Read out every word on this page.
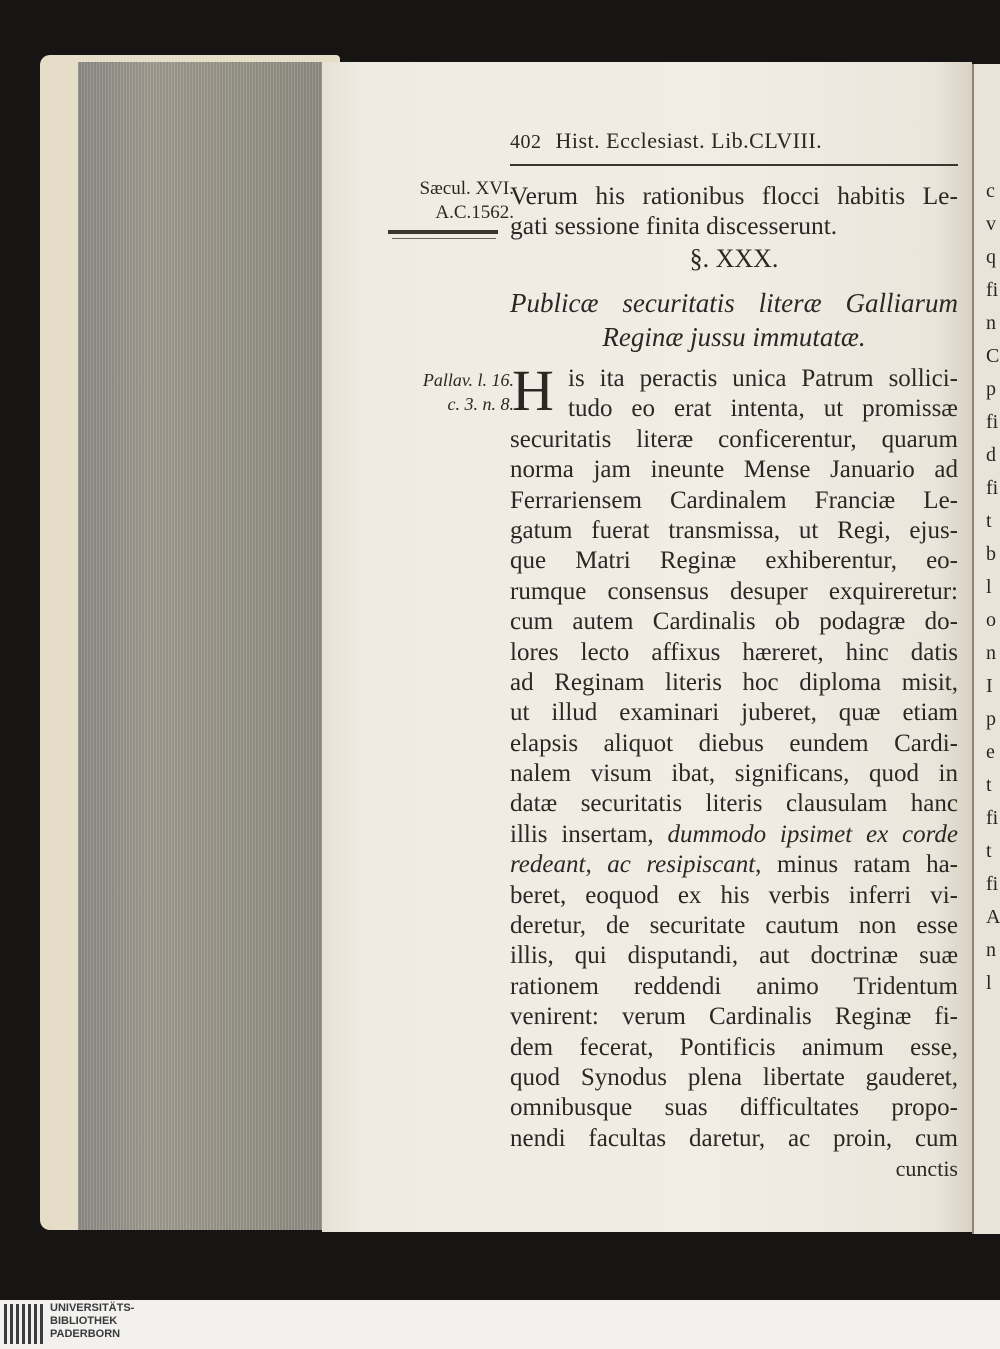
402 Hist. Ecclesiast. Lib.CLVIII.
Sæcul. XVI.
A.C.1562.
Pallav. l. 16.
c. 3. n. 8.
Verum his rationibus flocci habitis Le-
gati sessione finita discesserunt.
§. XXX.
Publicæ securitatis literæ Galliarum
Reginæ jussu immutatæ.
H is ita peractis unica Patrum sollici-
tudo eo erat intenta, ut promissæ
securitatis literæ conficerentur, quarum
norma jam ineunte Mense Januario ad
Ferrariensem Cardinalem Franciæ Le-
gatum fuerat transmissa, ut Regi, ejus-
que Matri Reginæ exhiberentur, eo-
rumque consensus desuper exquireretur:
cum autem Cardinalis ob podagræ do-
lores lecto affixus hæreret, hinc datis
ad Reginam literis hoc diploma misit,
ut illud examinari juberet, quæ etiam
elapsis aliquot diebus eundem Cardi-
nalem visum ibat, significans, quod in
datæ securitatis literis clausulam hanc
illis insertam, dummodo ipsimet ex corde
redeant, ac resipiscant, minus ratam ha-
beret, eoquod ex his verbis inferri vi-
deretur, de securitate cautum non esse
illis, qui disputandi, aut doctrinæ suæ
rationem reddendi animo Tridentum
venirent: verum Cardinalis Reginæ fi-
dem fecerat, Pontificis animum esse,
quod Synodus plena libertate gauderet,
omnibusque suas difficultates propo-
nendi facultas daretur, ac proin, cum
cunctis
c
v
q
fi
n
C
p
fi
d
fi
t
b
l
o
n
I
p
e
t
fi
t
fi
A
n
l
UNIVERSITÄTS-
BIBLIOTHEK
PADERBORN
